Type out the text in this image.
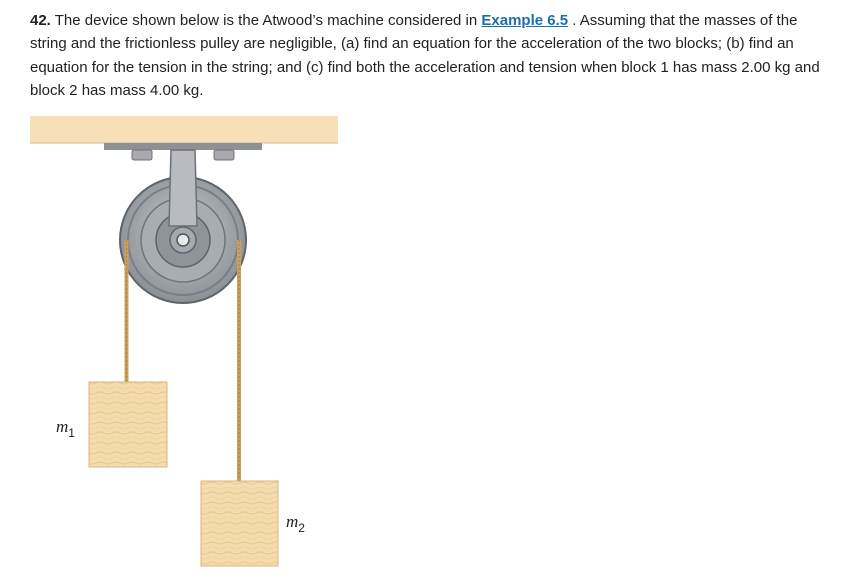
42. The device shown below is the Atwood’s machine considered in Example 6.5 . Assuming that the masses of the string and the frictionless pulley are negligible, (a) find an equation for the acceleration of the two blocks; (b) find an equation for the tension in the string; and (c) find both the acceleration and tension when block 1 has mass 2.00 kg and block 2 has mass 4.00 kg.
$m_1$
$m_2$
